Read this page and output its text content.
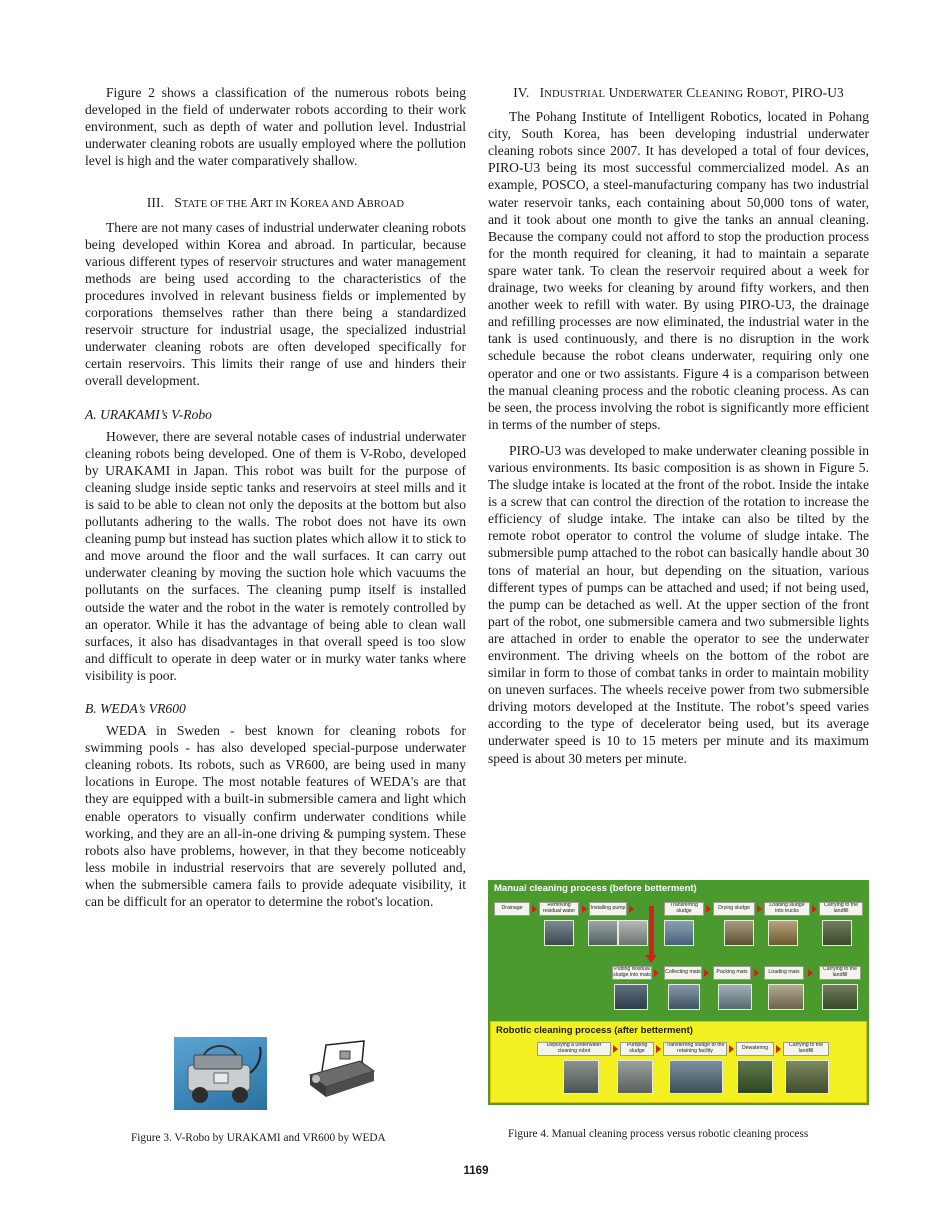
Figure 2 shows a classification of the numerous robots being developed in the field of underwater robots according to their work environment, such as depth of water and pollution level. Industrial underwater cleaning robots are usually employed where the pollution level is high and the water comparatively shallow.

III. STATE OF THE ART IN KOREA AND ABROAD

There are not many cases of industrial underwater cleaning robots being developed within Korea and abroad. In particular, because various different types of reservoir structures and water management methods are being used according to the characteristics of the procedures involved in relevant business fields or implemented by corporations themselves rather than there being a standardized reservoir structure for industrial usage, the specialized industrial underwater cleaning robots are often developed specifically for certain reservoirs. This limits their range of use and hinders their overall development.

A. URAKAMI’s V-Robo

However, there are several notable cases of industrial underwater cleaning robots being developed. One of them is V-Robo, developed by URAKAMI in Japan. This robot was built for the purpose of cleaning sludge inside septic tanks and reservoirs at steel mills and it is said to be able to clean not only the deposits at the bottom but also pollutants adhering to the walls. The robot does not have its own cleaning pump but instead has suction plates which allow it to stick to and move around the floor and the wall surfaces. It can carry out underwater cleaning by moving the suction hole which vacuums the pollutants on the surfaces. The cleaning pump itself is installed outside the water and the robot in the water is remotely controlled by an operator. While it has the advantage of being able to clean wall surfaces, it also has disadvantages in that overall speed is too slow and difficult to operate in deep water or in murky water tanks where visibility is poor.

B. WEDA’s VR600

WEDA in Sweden - best known for cleaning robots for swimming pools - has also developed special-purpose underwater cleaning robots. Its robots, such as VR600, are being used in many locations in Europe. The most notable features of WEDA's are that they are equipped with a built-in submersible camera and light which enable operators to visually confirm underwater conditions while working, and they are an all-in-one driving & pumping system. These robots also have problems, however, in that they become noticeably less mobile in industrial reservoirs that are severely polluted and, when the submersible camera fails to provide adequate visibility, it can be difficult for an operator to determine the robot's location.

IV. INDUSTRIAL UNDERWATER CLEANING ROBOT, PIRO-U3

The Pohang Institute of Intelligent Robotics, located in Pohang city, South Korea, has been developing industrial underwater cleaning robots since 2007. It has developed a total of four devices, PIRO-U3 being its most successful commercialized model. As an example, POSCO, a steel-manufacturing company has two industrial water reservoir tanks, each containing about 50,000 tons of water, and it took about one month to give the tanks an annual cleaning. Because the company could not afford to stop the production process for the month required for cleaning, it had to maintain a separate spare water tank. To clean the reservoir required about a week for drainage, two weeks for cleaning by around fifty workers, and then another week to refill with water. By using PIRO-U3, the drainage and refilling processes are now eliminated, the industrial water in the tank is used continuously, and there is no disruption in the work schedule because the robot cleans underwater, requiring only one operator and one or two assistants. Figure 4 is a comparison between the manual cleaning process and the robotic cleaning process. As can be seen, the process involving the robot is significantly more efficient in terms of the number of steps.

PIRO-U3 was developed to make underwater cleaning possible in various environments. Its basic composition is as shown in Figure 5. The sludge intake is located at the front of the robot. Inside the intake is a screw that can control the direction of the rotation to increase the efficiency of sludge intake. The intake can also be tilted by the remote robot operator to control the volume of sludge intake. The submersible pump attached to the robot can basically handle about 30 tons of material an hour, but depending on the situation, various different types of pumps can be attached and used; if not being used, the pump can be detached as well. At the upper section of the front part of the robot, one submersible camera and two submersible lights are attached in order to enable the operator to see the underwater environment. The driving wheels on the bottom of the robot are similar in form to those of combat tanks in order to maintain mobility on uneven surfaces. The wheels receive power from two submersible driving motors developed at the Institute. The robot’s speed varies according to the type of decelerator being used, but its average underwater speed is 10 to 15 meters per minute and its maximum speed is about 30 meters per minute.

Figure 3. V-Robo by URAKAMI and VR600 by WEDA
Manual cleaning process (before betterment)
Drainage	Removing residual water	Installing pump	Transferring sludge	Drying sludge	Loading sludge into trucks
Carrying to the landfill
Putting residual sludge into mats	Collecting mats	Packing mats	Loading mats	Carrying to the landfill
Robotic cleaning process (after betterment)
Deploying a underwater cleaning robot
Pumping sludge
Transferring sludge to the retaining facility	Dewatering	Carrying to the landfill
Figure 4. Manual cleaning process versus robotic cleaning process
1169
